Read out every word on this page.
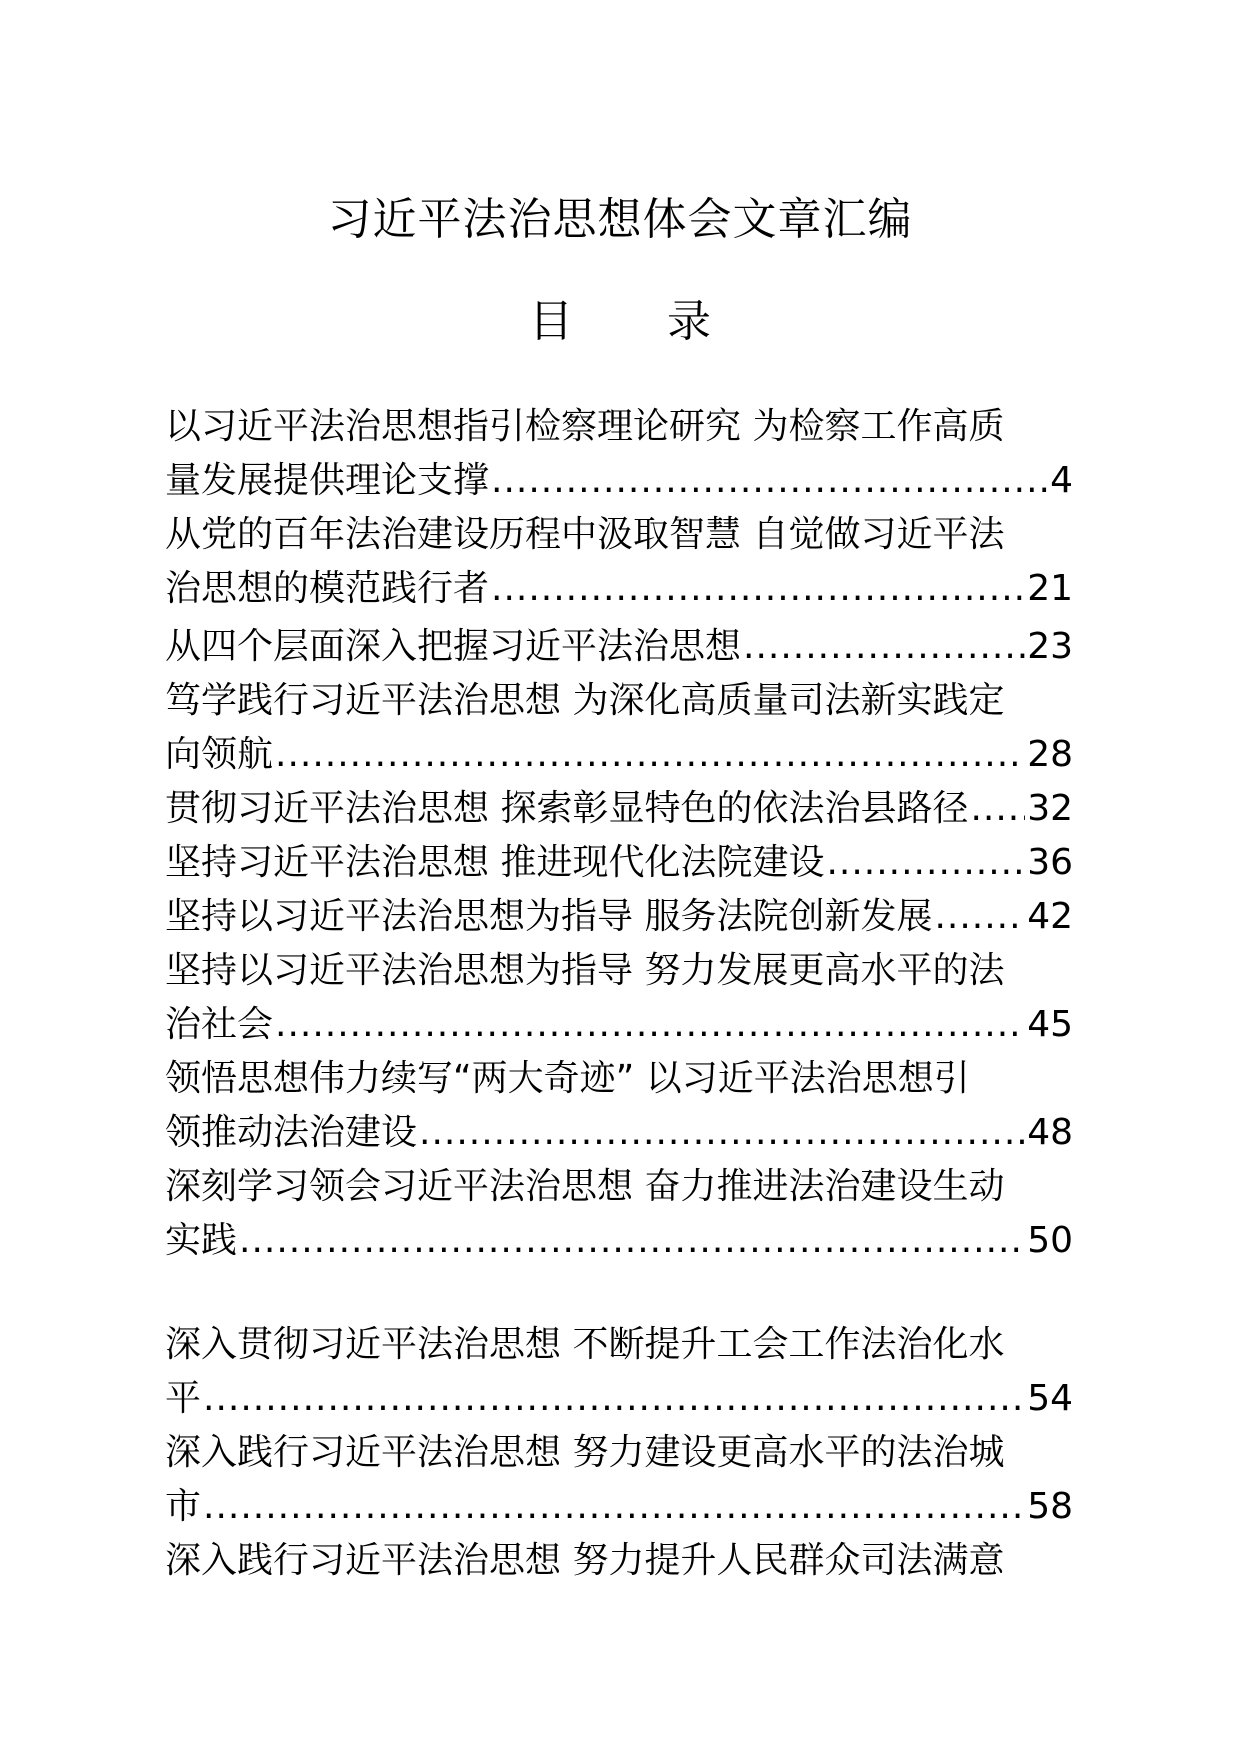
习近平法治思想体会文章汇编
目 录
以习近平法治思想指引检察理论研究 为检察工作高质
量发展提供理论支撑 .....	4
从党的百年法治建设历程中汲取智慧 自觉做习近平法
治思想的模范践行者 .....	21
从四个层面深入把握习近平法治思想 .....	23
笃学践行习近平法治思想 为深化高质量司法新实践定
向领航 .....	28
贯彻习近平法治思想 探索彰显特色的依法治县路径 ..... 32
坚持习近平法治思想 推进现代化法院建设 .....	36
坚持以习近平法治思想为指导 服务法院创新发展 .....	42
坚持以习近平法治思想为指导 努力发展更高水平的法
治社会 .....	45
领悟思想伟力续写“两大奇迹” 以习近平法治思想引
领推动法治建设 .....	48
深刻学习领会习近平法治思想 奋力推进法治建设生动
实践 .....	50
深入贯彻习近平法治思想 不断提升工会工作法治化水
平 .....	54
深入践行习近平法治思想 努力建设更高水平的法治城
市 .....	58
深入践行习近平法治思想 努力提升人民群众司法满意
